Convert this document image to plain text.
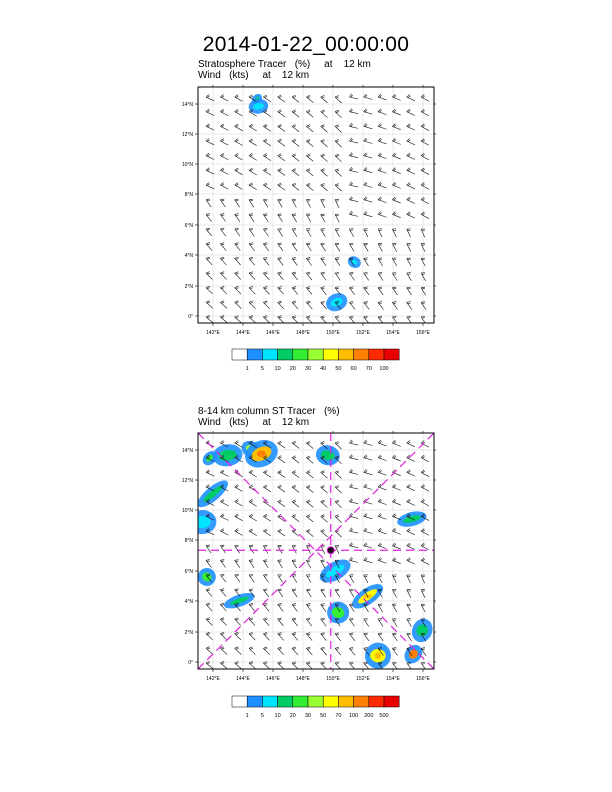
2014-01-22_00:00:00
Stratosphere Tracer   (%)     at    12 km
Wind   (kts)     at    12 km
8-14 km column ST Tracer   (%)
Wind   (kts)     at    12 km
142°E	144°E	146°E	148°E	150°E	152°E	154°E	156°E
0°
2°N
4°N
6°N
8°N
10°N
12°N
14°N
1 5 10 20 30 40 50 60 70 100
142°E	144°E	146°E	148°E	150°E	152°E	154°E	156°E
0°
2°N
4°N
6°N
8°N
10°N
12°N
14°N
1 5 10 20 30 50 70 100 200 500
